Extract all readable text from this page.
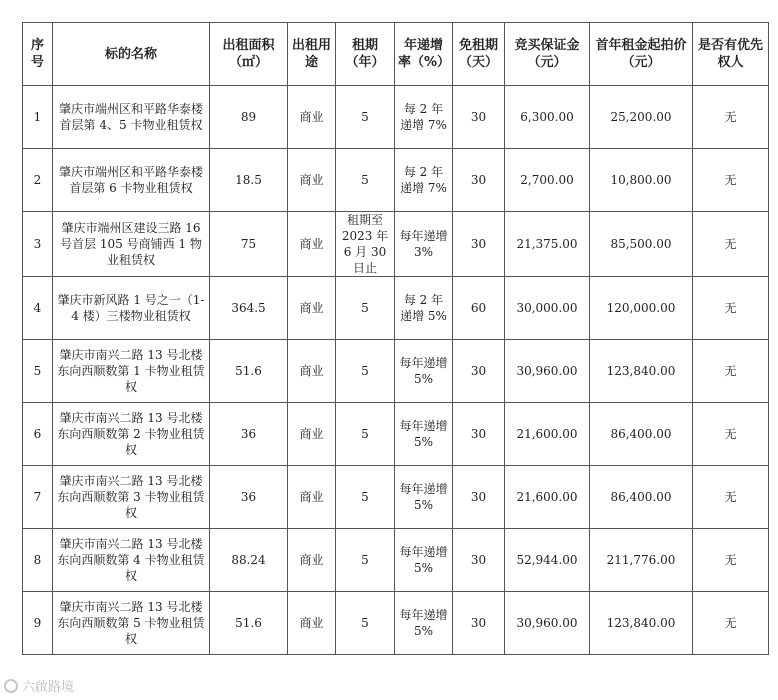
序号	标的名称	出租面积（㎡）	出租用途	租期（年）	年递增率（%）	免租期（天）	竞买保证金（元）	首年租金起拍价（元）	是否有优先权人
1	肇庆市端州区和平路华泰楼首层第 4、5 卡物业租赁权	89	商业	5	每 2 年递增 7%	30	6,300.00	25,200.00	无
2	肇庆市端州区和平路华泰楼首层第 6 卡物业租赁权	18.5	商业	5	每 2 年递增 7%	30	2,700.00	10,800.00	无
3	肇庆市端州区建设三路 16 号首层 105 号商铺西 1 物业租赁权	75	商业	租期至 2023 年 6 月 30 日止	每年递增 3%	30	21,375.00	85,500.00	无
4	肇庆市新风路 1 号之一（1-4 楼）三楼物业租赁权	364.5	商业	5	每 2 年递增 5%	60	30,000.00	120,000.00	无
5	肇庆市南兴二路 13 号北楼东向西顺数第 1 卡物业租赁权	51.6	商业	5	每年递增 5%	30	30,960.00	123,840.00	无
6	肇庆市南兴二路 13 号北楼东向西顺数第 2 卡物业租赁权	36	商业	5	每年递增 5%	30	21,600.00	86,400.00	无
7	肇庆市南兴二路 13 号北楼东向西顺数第 3 卡物业租赁权	36	商业	5	每年递增 5%	30	21,600.00	86,400.00	无
8	肇庆市南兴二路 13 号北楼东向西顺数第 4 卡物业租赁权	88.24	商业	5	每年递增 5%	30	52,944.00	211,776.00	无
9	肇庆市南兴二路 13 号北楼东向西顺数第 5 卡物业租赁权	51.6	商业	5	每年递增 5%	30	30,960.00	123,840.00	无
六啟路境
